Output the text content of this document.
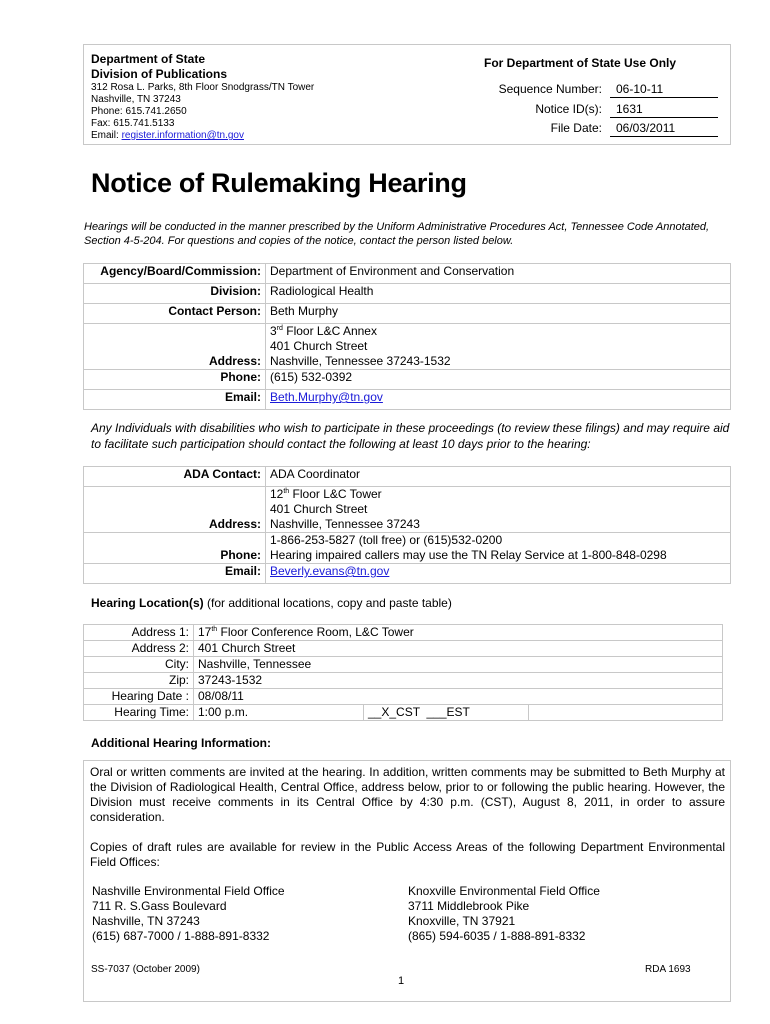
Department of State
Division of Publications
312 Rosa L. Parks, 8th Floor Snodgrass/TN Tower
Nashville, TN 37243
Phone: 615.741.2650
Fax: 615.741.5133
Email: register.information@tn.gov
For Department of State Use Only
Sequence Number:	06-10-11
Notice ID(s):	1631
File Date:	06/03/2011
Notice of Rulemaking Hearing
Hearings will be conducted in the manner prescribed by the Uniform Administrative Procedures Act, Tennessee Code Annotated, Section 4-5-204. For questions and copies of the notice, contact the person listed below.
Agency/Board/Commission:	Department of Environment and Conservation
Division:	Radiological Health
Contact Person:	Beth Murphy
Address:	3rd Floor L&C Annex
401 Church Street
Nashville, Tennessee 37243-1532

Phone:	(615) 532-0392
Email:	Beth.Murphy@tn.gov
Any Individuals with disabilities who wish to participate in these proceedings (to review these filings) and may require aid to facilitate such participation should contact the following at least 10 days prior to the hearing:
ADA Contact:	ADA Coordinator
Address:	12th Floor L&C Tower
401 Church Street
Nashville, Tennessee 37243

Phone:	1-866-253-5827 (toll free) or (615)532-0200
Hearing impaired callers may use the TN Relay Service at 1-800-848-0298

Email:	Beverly.evans@tn.gov
Hearing Location(s) (for additional locations, copy and paste table)
Address 1:	17th Floor Conference Room, L&C Tower		
Address 2:	401 Church Street		
City:	Nashville, Tennessee		
Zip:	37243-1532		
Hearing Date :	08/08/11		
Hearing Time:	1:00 p.m.	__X_CST  ___EST	
Additional Hearing Information:
Oral or written comments are invited at the hearing. In addition, written comments may be submitted to Beth Murphy at the Division of Radiological Health, Central Office, address below, prior to or following the public hearing. However, the Division must receive comments in its Central Office by 4:30 p.m. (CST), August 8, 2011, in order to assure consideration.
Copies of draft rules are available for review in the Public Access Areas of the following Department Environmental Field Offices:
Nashville Environmental Field Office
711 R. S.Gass Boulevard
Nashville, TN 37243
(615) 687-7000 / 1-888-891-8332
Knoxville Environmental Field Office
3711 Middlebrook Pike
Knoxville, TN 37921
(865) 594-6035 / 1-888-891-8332
SS-7037 (October 2009)	RDA 1693
1
